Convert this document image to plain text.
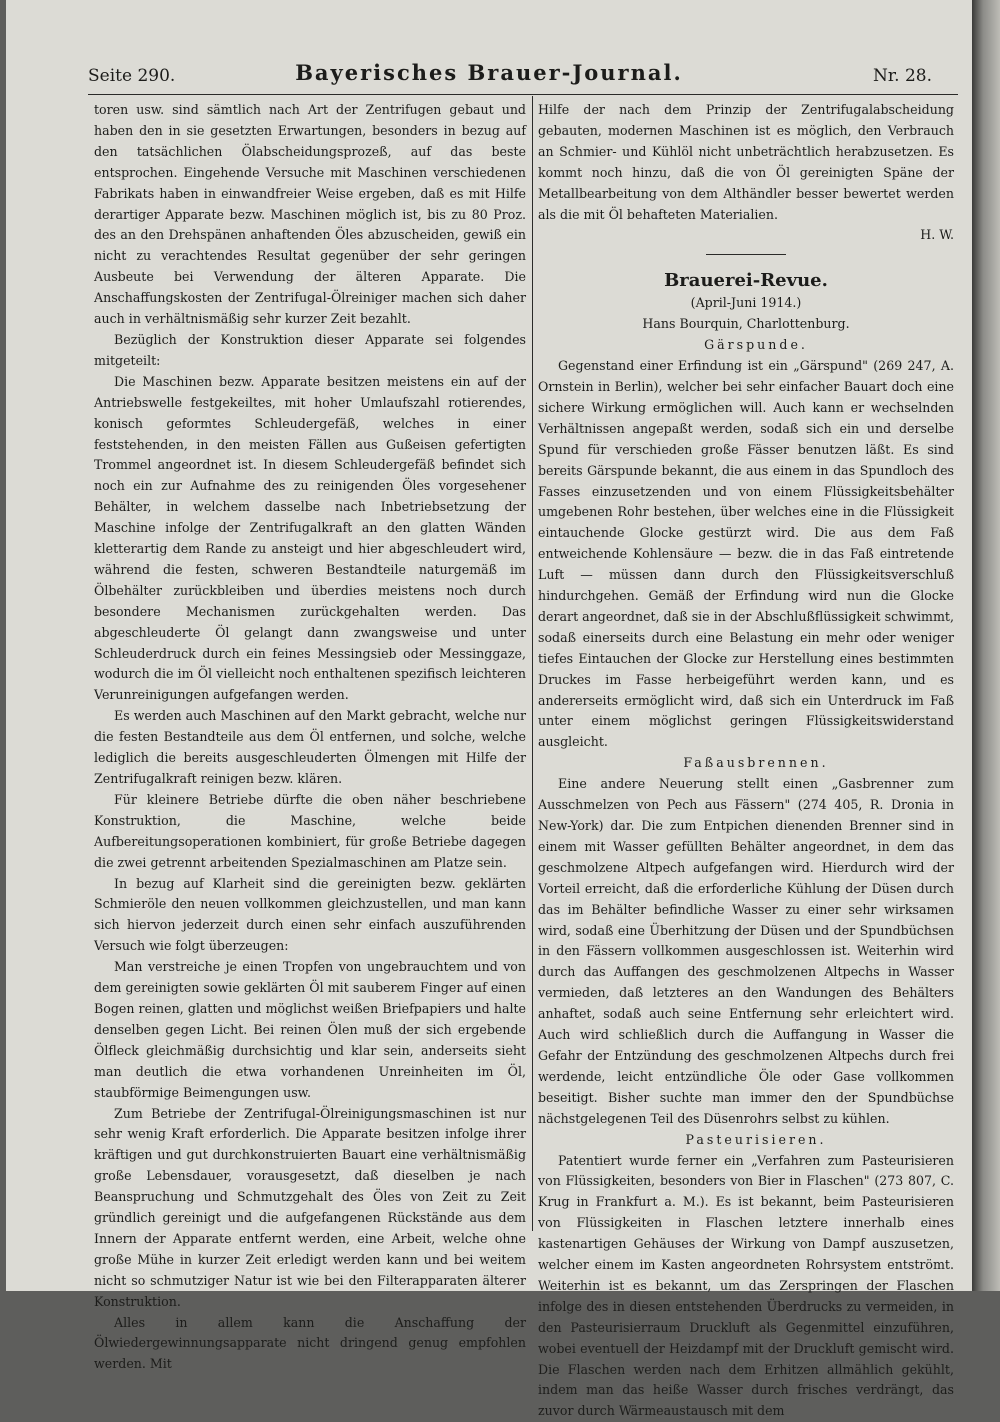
Seite 290.	Bayerisches Brauer-Journal.	Nr. 28.

toren usw. sind sämtlich nach Art der Zentrifugen gebaut und haben den in sie gesetzten Erwartungen, besonders in bezug auf den tatsächlichen Ölabscheidungsprozeß, auf das beste entsprochen. Eingehende Versuche mit Maschinen verschiedenen Fabrikats haben in einwandfreier Weise ergeben, daß es mit Hilfe derartiger Apparate bezw. Maschinen möglich ist, bis zu 80 Proz. des an den Drehspänen anhaftenden Öles abzuscheiden, gewiß ein nicht zu verachtendes Resultat gegenüber der sehr geringen Ausbeute bei Verwendung der älteren Apparate. Die Anschaffungskosten der Zentrifugal-Ölreiniger machen sich daher auch in verhältnismäßig sehr kurzer Zeit bezahlt.

Bezüglich der Konstruktion dieser Apparate sei folgendes mitgeteilt:

Die Maschinen bezw. Apparate besitzen meistens ein auf der Antriebswelle festgekeiltes, mit hoher Umlaufszahl rotierendes, konisch geformtes Schleudergefäß, welches in einer feststehenden, in den meisten Fällen aus Gußeisen gefertigten Trommel angeordnet ist. In diesem Schleudergefäß befindet sich noch ein zur Aufnahme des zu reinigenden Öles vorgesehener Behälter, in welchem dasselbe nach Inbetriebsetzung der Maschine infolge der Zentrifugalkraft an den glatten Wänden kletterartig dem Rande zu ansteigt und hier abgeschleudert wird, während die festen, schweren Bestandteile naturgemäß im Ölbehälter zurückbleiben und überdies meistens noch durch besondere Mechanismen zurückgehalten werden. Das abgeschleuderte Öl gelangt dann zwangsweise und unter Schleuderdruck durch ein feines Messingsieb oder Messinggaze, wodurch die im Öl vielleicht noch enthaltenen spezifisch leichteren Verunreinigungen aufgefangen werden.

Es werden auch Maschinen auf den Markt gebracht, welche nur die festen Bestandteile aus dem Öl entfernen, und solche, welche lediglich die bereits ausgeschleuderten Ölmengen mit Hilfe der Zentrifugalkraft reinigen bezw. klären.

Für kleinere Betriebe dürfte die oben näher beschriebene Konstruktion, die Maschine, welche beide Aufbereitungsoperationen kombiniert, für große Betriebe dagegen die zwei getrennt arbeitenden Spezialmaschinen am Platze sein.

In bezug auf Klarheit sind die gereinigten bezw. geklärten Schmieröle den neuen vollkommen gleichzustellen, und man kann sich hiervon jederzeit durch einen sehr einfach auszuführenden Versuch wie folgt überzeugen:

Man verstreiche je einen Tropfen von ungebrauchtem und von dem gereinigten sowie geklärten Öl mit sauberem Finger auf einen Bogen reinen, glatten und möglichst weißen Briefpapiers und halte denselben gegen Licht. Bei reinen Ölen muß der sich ergebende Ölfleck gleichmäßig durchsichtig und klar sein, anderseits sieht man deutlich die etwa vorhandenen Unreinheiten im Öl, staubförmige Beimengungen usw.

Zum Betriebe der Zentrifugal-Ölreinigungsmaschinen ist nur sehr wenig Kraft erforderlich. Die Apparate besitzen infolge ihrer kräftigen und gut durchkonstruierten Bauart eine verhältnismäßig große Lebensdauer, vorausgesetzt, daß dieselben je nach Beanspruchung und Schmutzgehalt des Öles von Zeit zu Zeit gründlich gereinigt und die aufgefangenen Rückstände aus dem Innern der Apparate entfernt werden, eine Arbeit, welche ohne große Mühe in kurzer Zeit erledigt werden kann und bei weitem nicht so schmutziger Natur ist wie bei den Filterapparaten älterer Konstruktion.

Alles in allem kann die Anschaffung der Ölwiedergewinnungsapparate nicht dringend genug empfohlen werden. Mit

Hilfe der nach dem Prinzip der Zentrifugalabscheidung gebauten, modernen Maschinen ist es möglich, den Verbrauch an Schmier- und Kühlöl nicht unbeträchtlich herabzusetzen. Es kommt noch hinzu, daß die von Öl gereinigten Späne der Metallbearbeitung von dem Althändler besser bewertet werden als die mit Öl behafteten Materialien.

H. W.

Brauerei-Revue.

(April-Juni 1914.)

Hans Bourquin, Charlottenburg.

Gärspunde.

Gegenstand einer Erfindung ist ein „Gärspund" (269 247, A. Ornstein in Berlin), welcher bei sehr einfacher Bauart doch eine sichere Wirkung ermöglichen will. Auch kann er wechselnden Verhältnissen angepaßt werden, sodaß sich ein und derselbe Spund für verschieden große Fässer benutzen läßt. Es sind bereits Gärspunde bekannt, die aus einem in das Spundloch des Fasses einzusetzenden und von einem Flüssigkeitsbehälter umgebenen Rohr bestehen, über welches eine in die Flüssigkeit eintauchende Glocke gestürzt wird. Die aus dem Faß entweichende Kohlensäure — bezw. die in das Faß eintretende Luft — müssen dann durch den Flüssigkeitsverschluß hindurchgehen. Gemäß der Erfindung wird nun die Glocke derart angeordnet, daß sie in der Abschlußflüssigkeit schwimmt, sodaß einerseits durch eine Belastung ein mehr oder weniger tiefes Eintauchen der Glocke zur Herstellung eines bestimmten Druckes im Fasse herbeigeführt werden kann, und es andererseits ermöglicht wird, daß sich ein Unterdruck im Faß unter einem möglichst geringen Flüssigkeitswiderstand ausgleicht.

Faßausbrennen.

Eine andere Neuerung stellt einen „Gasbrenner zum Ausschmelzen von Pech aus Fässern" (274 405, R. Dronia in New-York) dar. Die zum Entpichen dienenden Brenner sind in einem mit Wasser gefüllten Behälter angeordnet, in dem das geschmolzene Altpech aufgefangen wird. Hierdurch wird der Vorteil erreicht, daß die erforderliche Kühlung der Düsen durch das im Behälter befindliche Wasser zu einer sehr wirksamen wird, sodaß eine Überhitzung der Düsen und der Spundbüchsen in den Fässern vollkommen ausgeschlossen ist. Weiterhin wird durch das Auffangen des geschmolzenen Altpechs in Wasser vermieden, daß letzteres an den Wandungen des Behälters anhaftet, sodaß auch seine Entfernung sehr erleichtert wird. Auch wird schließlich durch die Auffangung in Wasser die Gefahr der Entzündung des geschmolzenen Altpechs durch frei werdende, leicht entzündliche Öle oder Gase vollkommen beseitigt. Bisher suchte man immer den der Spundbüchse nächstgelegenen Teil des Düsenrohrs selbst zu kühlen.

Pasteurisieren.

Patentiert wurde ferner ein „Verfahren zum Pasteurisieren von Flüssigkeiten, besonders von Bier in Flaschen" (273 807, C. Krug in Frankfurt a. M.). Es ist bekannt, beim Pasteurisieren von Flüssigkeiten in Flaschen letztere innerhalb eines kastenartigen Gehäuses der Wirkung von Dampf auszusetzen, welcher einem im Kasten angeordneten Rohrsystem entströmt. Weiterhin ist es bekannt, um das Zerspringen der Flaschen infolge des in diesen entstehenden Überdrucks zu vermeiden, in den Pasteurisierraum Druckluft als Gegenmittel einzuführen, wobei eventuell der Heizdampf mit der Druckluft gemischt wird. Die Flaschen werden nach dem Erhitzen allmählich gekühlt, indem man das heiße Wasser durch frisches verdrängt, das zuvor durch Wärmeaustausch mit dem
